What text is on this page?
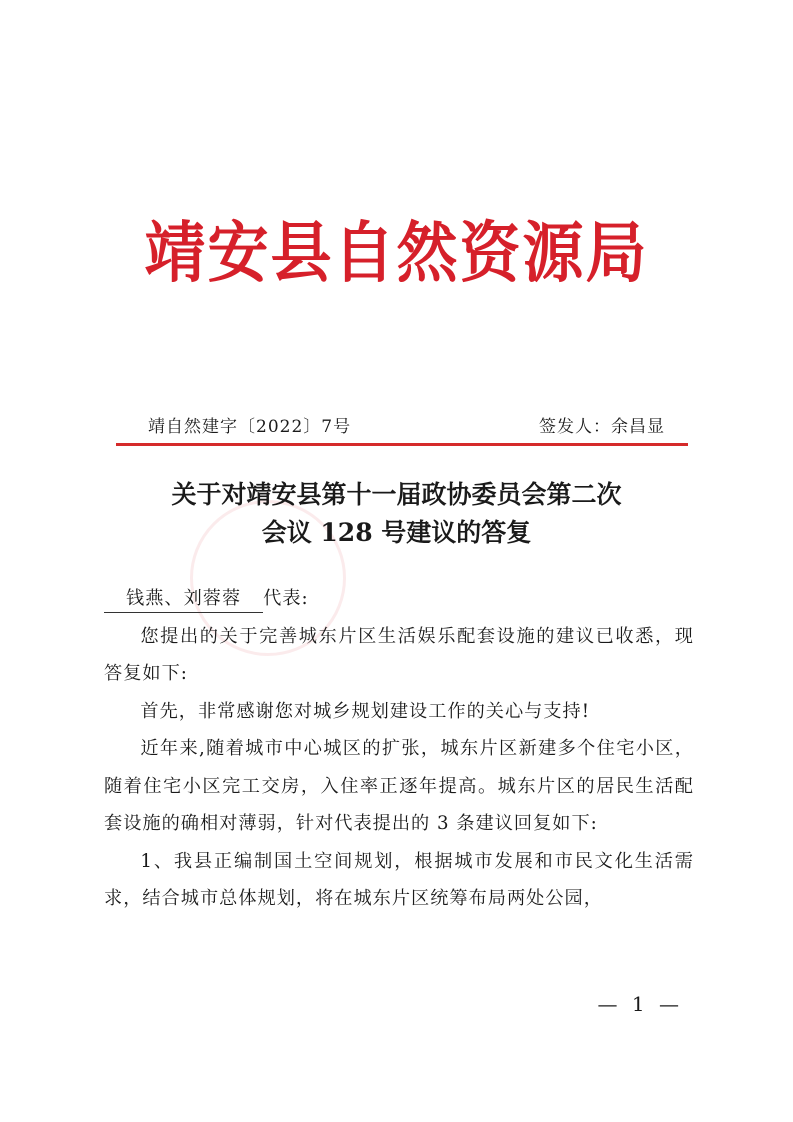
靖安县自然资源局
靖自然建字〔2022〕7号	签发人：余昌显
关于对靖安县第十一届政协委员会第二次
会议 128 号建议的答复

钱燕、刘蓉蓉 代表:

您提出的关于完善城东片区生活娱乐配套设施的建议已收悉，现答复如下:

首先，非常感谢您对城乡规划建设工作的关心与支持!

近年来,随着城市中心城区的扩张，城东片区新建多个住宅小区，随着住宅小区完工交房，入住率正逐年提高。城东片区的居民生活配套设施的确相对薄弱，针对代表提出的 3 条建议回复如下:

1、我县正编制国土空间规划，根据城市发展和市民文化生活需求，结合城市总体规划，将在城东片区统筹布局两处公园，

— 1 —
